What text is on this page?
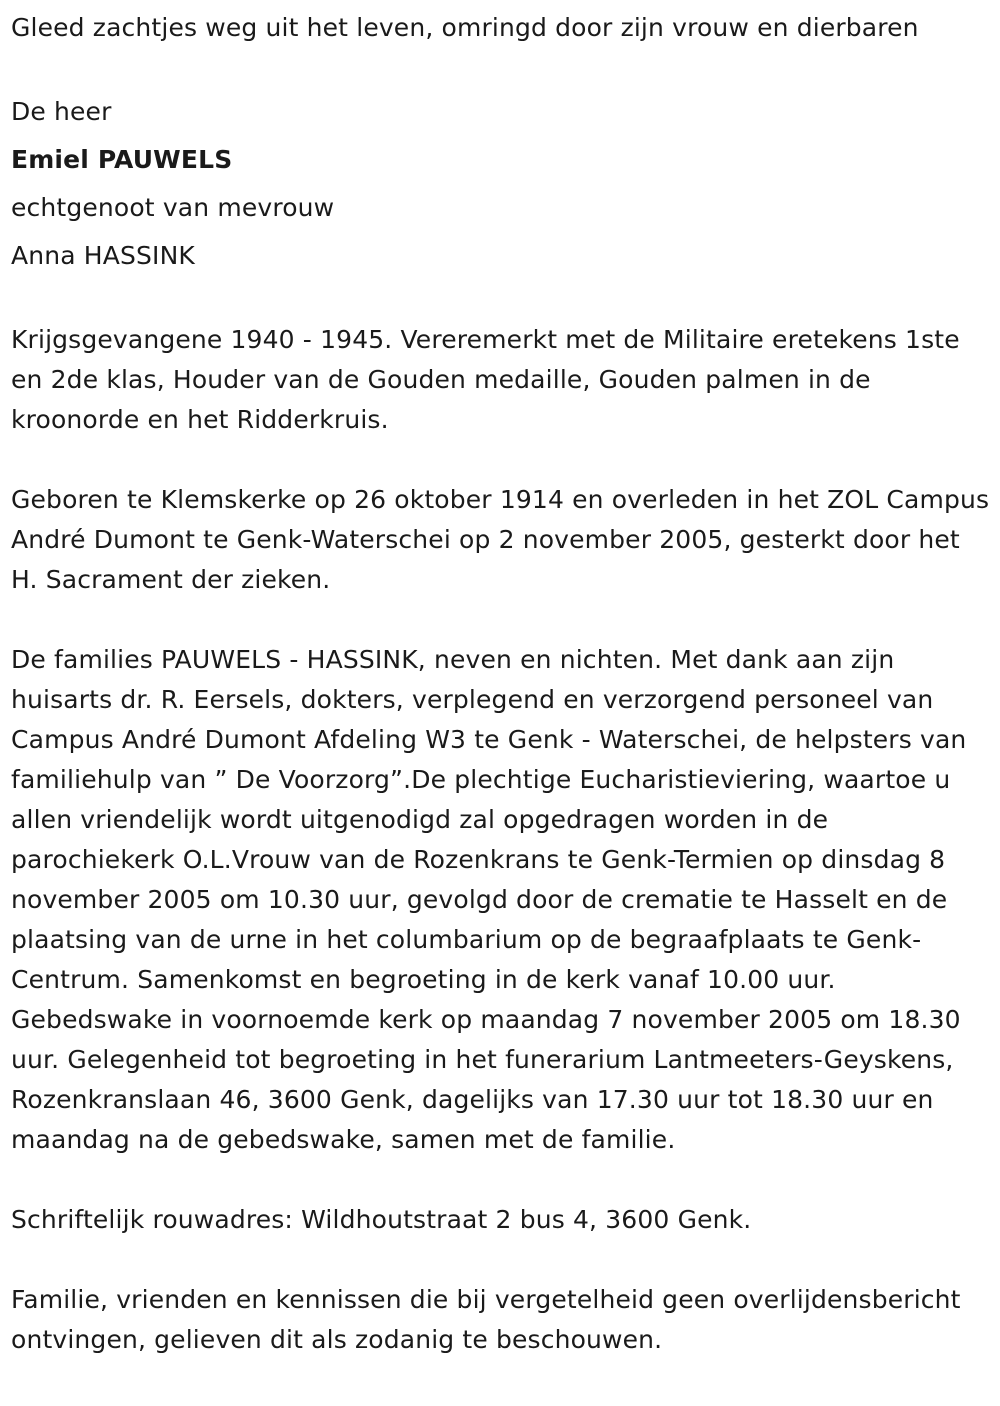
Gleed zachtjes weg uit het leven, omringd door zijn vrouw en dierbaren

De heer

Emiel PAUWELS

echtgenoot van mevrouw

Anna HASSINK

Krijgsgevangene 1940 - 1945. Vereremerkt met de Militaire eretekens 1ste en 2de klas, Houder van de Gouden medaille, Gouden palmen in de kroonorde en het Ridderkruis.

Geboren te Klemskerke op 26 oktober 1914 en overleden in het ZOL Campus André Dumont te Genk-Waterschei op 2 november 2005, gesterkt door het H. Sacrament der zieken.

De families PAUWELS - HASSINK, neven en nichten. Met dank aan zijn huisarts dr. R. Eersels, dokters, verplegend en verzorgend personeel van Campus André Dumont Afdeling W3 te Genk - Waterschei, de helpsters van familiehulp van ” De Voorzorg”.De plechtige Eucharistieviering, waartoe u allen vriendelijk wordt uitgenodigd zal opgedragen worden in de parochiekerk O.L.Vrouw van de Rozenkrans te Genk-Termien op dinsdag 8 november 2005 om 10.30 uur, gevolgd door de crematie te Hasselt en de plaatsing van de urne in het columbarium op de begraafplaats te Genk-Centrum. Samenkomst en begroeting in de kerk vanaf 10.00 uur. Gebedswake in voornoemde kerk op maandag 7 november 2005 om 18.30 uur. Gelegenheid tot begroeting in het funerarium Lantmeeters-Geyskens, Rozenkranslaan 46, 3600 Genk, dagelijks van 17.30 uur tot 18.30 uur en maandag na de gebedswake, samen met de familie.

Schriftelijk rouwadres: Wildhoutstraat 2 bus 4, 3600 Genk.

Familie, vrienden en kennissen die bij vergetelheid geen overlijdensbericht ontvingen, gelieven dit als zodanig te beschouwen.
